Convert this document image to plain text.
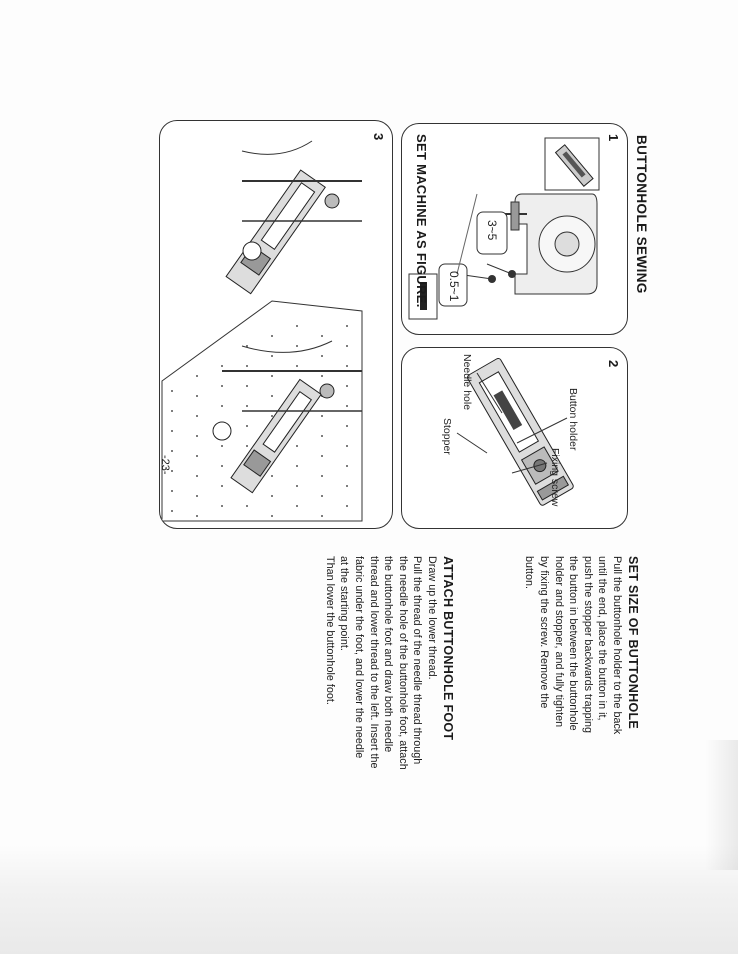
BUTTONHOLE SEWING
1
3~5
0.5~1
SET MACHINE AS FIGURE.
2
Button holder
Fixing screw
Needle hole
Stopper
3
SET SIZE OF BUTTONHOLE

Pull the buttonhole holder to the back
until the end, place the button in it,
push the stopper backwards trapping
the button in between the buttonhole
holder and stopper, and fully tighten
by fixing the screw. Remove the
button.

ATTACH BUTTONHOLE FOOT

Draw up the lower thread.
Pull the thread of the needle thread through
the needle hole of the buttonhole foot, attach
the buttonhole foot and draw both needle
thread and lower thread to the left. Insert the
fabric under the foot, and lower the needle
at the starting point.
Than lower the buttonhole foot.

-23-
